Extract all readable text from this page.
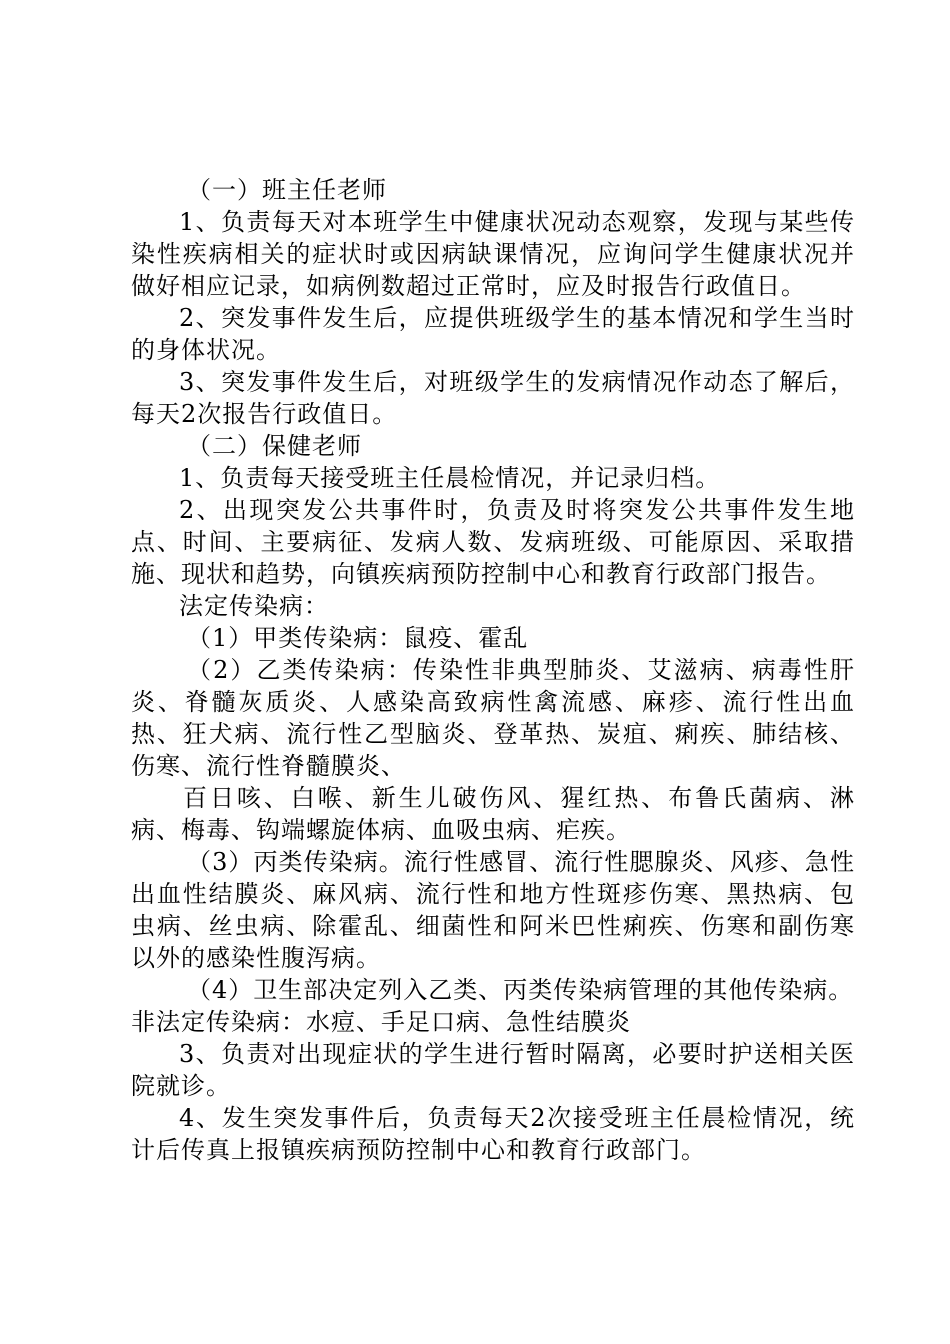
（一）班主任老师

1、负责每天对本班学生中健康状况动态观察，发现与某些传染性疾病相关的症状时或因病缺课情况，应询问学生健康状况并做好相应记录，如病例数超过正常时，应及时报告行政值日。

2、突发事件发生后，应提供班级学生的基本情况和学生当时的身体状况。

3、突发事件发生后，对班级学生的发病情况作动态了解后，每天2次报告行政值日。

（二）保健老师

1、负责每天接受班主任晨检情况，并记录归档。

2、出现突发公共事件时，负责及时将突发公共事件发生地点、时间、主要病征、发病人数、发病班级、可能原因、采取措施、现状和趋势，向镇疾病预防控制中心和教育行政部门报告。

法定传染病：

（1）甲类传染病：鼠疫、霍乱

（2）乙类传染病：传染性非典型肺炎、艾滋病、病毒性肝炎、脊髓灰质炎、人感染高致病性禽流感、麻疹、流行性出血热、狂犬病、流行性乙型脑炎、登革热、炭疽、痢疾、肺结核、伤寒、流行性脊髓膜炎、

百日咳、白喉、新生儿破伤风、猩红热、布鲁氏菌病、淋病、梅毒、钩端螺旋体病、血吸虫病、疟疾。

（3）丙类传染病。流行性感冒、流行性腮腺炎、风疹、急性出血性结膜炎、麻风病、流行性和地方性斑疹伤寒、黑热病、包虫病、丝虫病、除霍乱、细菌性和阿米巴性痢疾、伤寒和副伤寒以外的感染性腹泻病。

（4）卫生部决定列入乙类、丙类传染病管理的其他传染病。

非法定传染病：水痘、手足口病、急性结膜炎

3、负责对出现症状的学生进行暂时隔离，必要时护送相关医院就诊。

4、发生突发事件后，负责每天2次接受班主任晨检情况，统计后传真上报镇疾病预防控制中心和教育行政部门。
